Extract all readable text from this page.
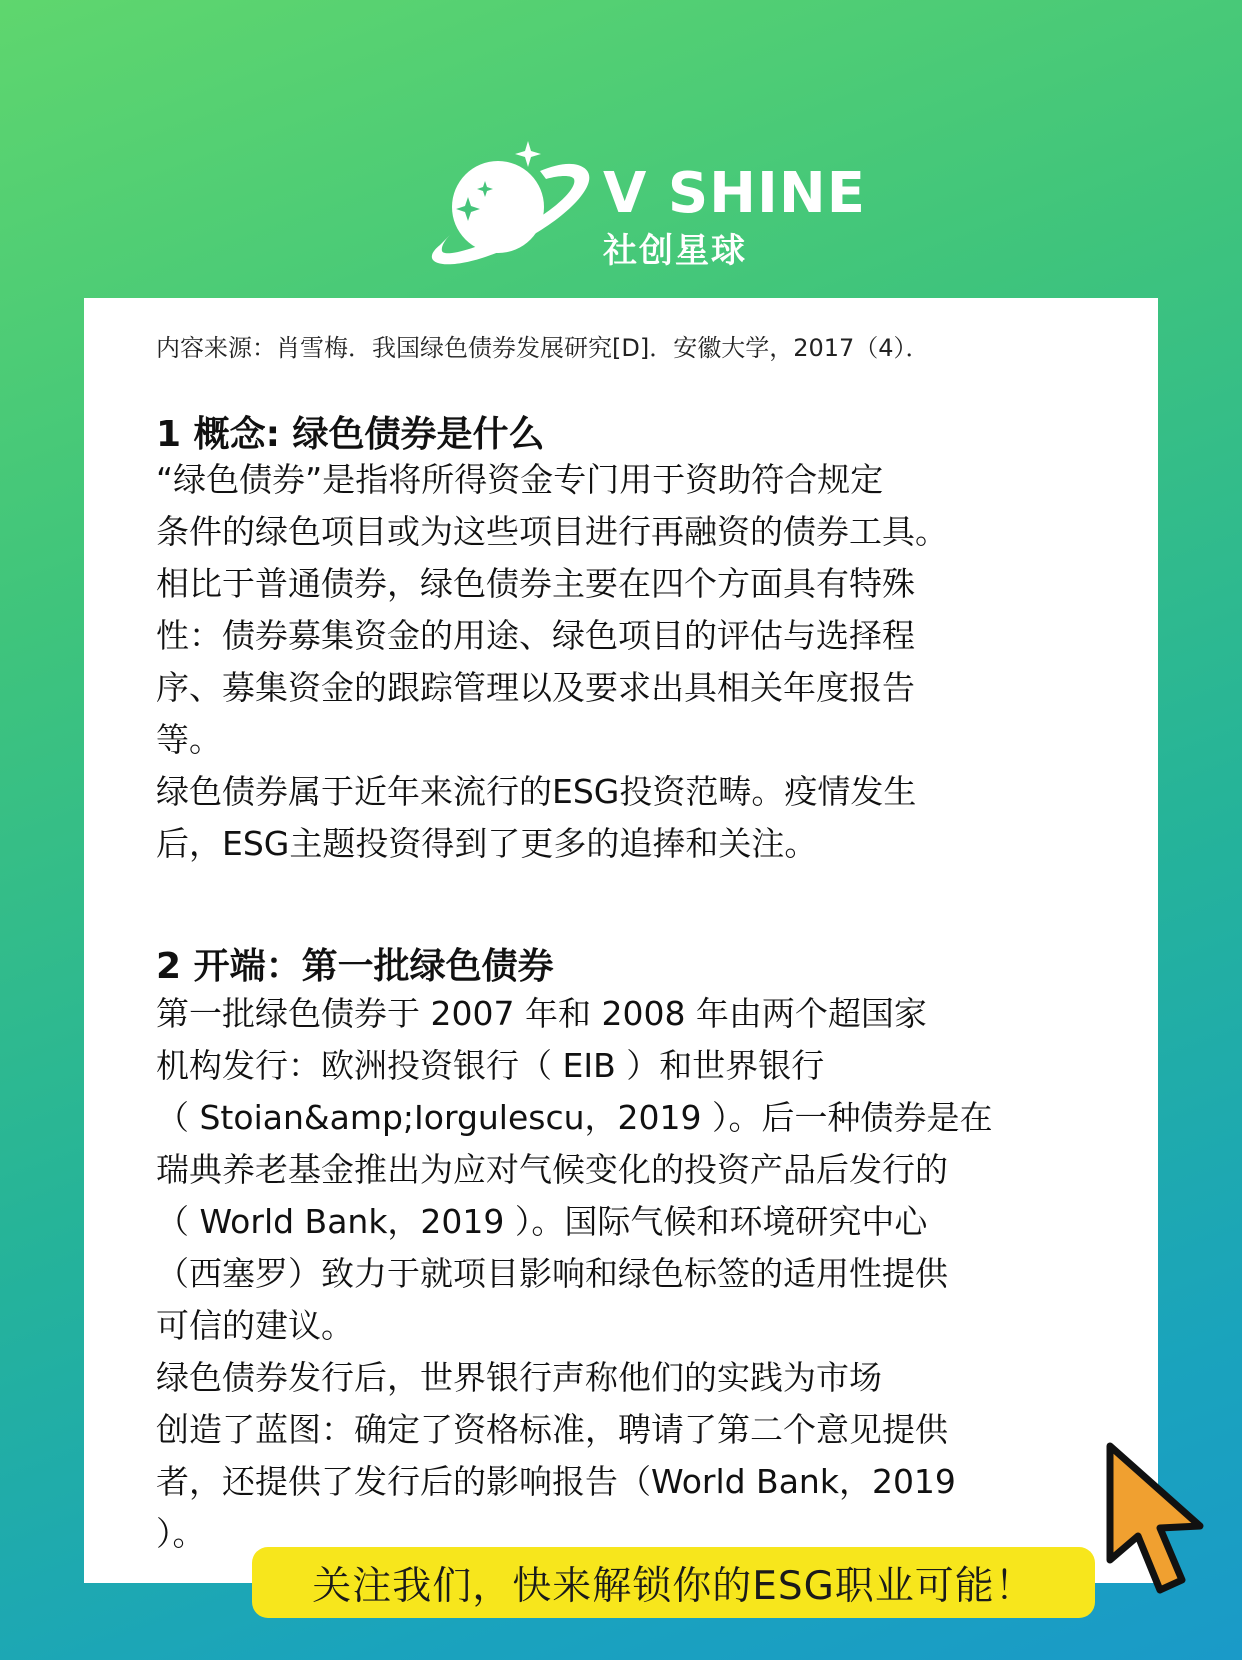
V SHINE
社创星球
内容来源：肖雪梅．我国绿色债券发展研究[D]．安徽大学，2017（4）．
1 概念: 绿色债券是什么

“绿色债券”是指将所得资金专门用于资助符合规定
条件的绿色项目或为这些项目进行再融资的债券工具。
相比于普通债券，绿色债券主要在四个方面具有特殊
性：债券募集资金的用途、绿色项目的评估与选择程
序、募集资金的跟踪管理以及要求出具相关年度报告
等。

绿色债券属于近年来流行的ESG投资范畴。疫情发生
后，ESG主题投资得到了更多的追捧和关注。

2 开端：第一批绿色债券

第一批绿色债券于 2007 年和 2008 年由两个超国家
机构发行：欧洲投资银行（ EIB ）和世界银行
（ Stoian&amp;Iorgulescu，2019 ）。后一种债券是在
瑞典养老基金推出为应对气候变化的投资产品后发行的
（ World Bank，2019 ）。国际气候和环境研究中心
（西塞罗）致力于就项目影响和绿色标签的适用性提供
可信的建议。

绿色债券发行后，世界银行声称他们的实践为市场
创造了蓝图：确定了资格标准，聘请了第二个意见提供
者，还提供了发行后的影响报告（World Bank，2019
）。

关注我们，快来解锁你的ESG职业可能！
